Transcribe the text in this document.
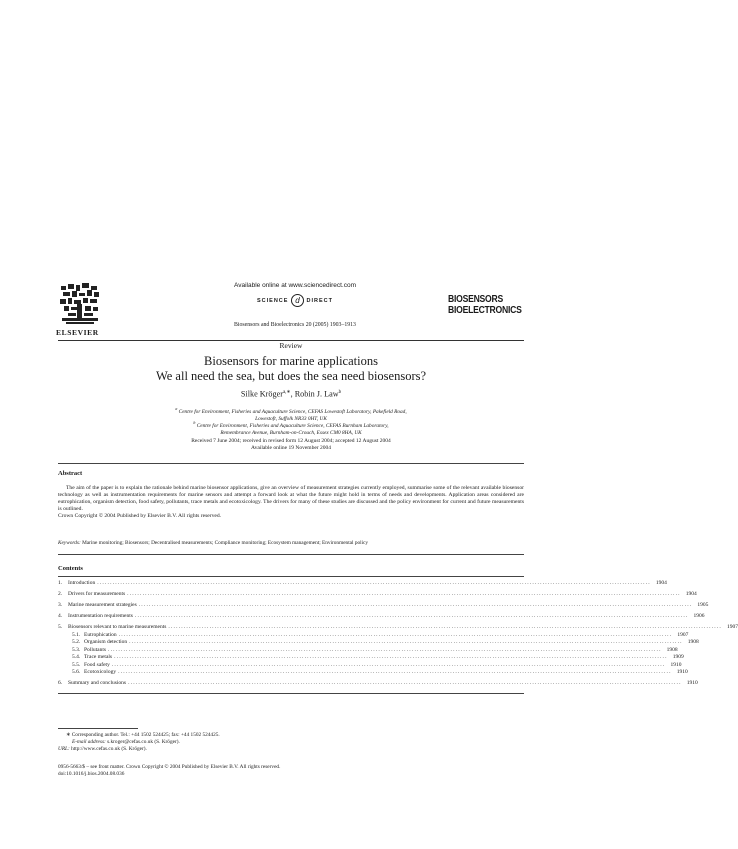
ELSEVIER
Available online at www.sciencedirect.com
SCIENCE d DIRECT
Biosensors and Bioelectronics 20 (2005) 1903–1913
BIOSENSORS
BIOELECTRONICS
Review
Biosensors for marine applications
We all need the sea, but does the sea need biosensors?
Silke Kröger$^{a,∗}$, Robin J. Law$^b$
$^a$ Centre for Environment, Fisheries and Aquaculture Science, CEFAS Lowestoft Laboratory, Pakefield Road,
Lowestoft, Suffolk NR33 0HT, UK
$^b$ Centre for Environment, Fisheries and Aquaculture Science, CEFAS Burnham Laboratory,
Remembrance Avenue, Burnham-on-Crouch, Essex CM0 8HA, UK
Received 7 June 2004; received in revised form 12 August 2004; accepted 12 August 2004
Available online 19 November 2004
Abstract
The aim of the paper is to explain the rationale behind marine biosensor applications, give an overview of measurement strategies currently employed, summarise some of the relevant available biosensor technology as well as instrumentation requirements for marine sensors and attempt a forward look at what the future might hold in terms of needs and developments. Application areas considered are eutrophication, organism detection, food safety, pollutants, trace metals and ecotoxicology. The drivers for many of these studies are discussed and the policy environment for current and future measurements is outlined.
Crown Copyright © 2004 Published by Elsevier B.V. All rights reserved.
Keywords: Marine monitoring; Biosensors; Decentralised measurements; Compliance monitoring; Ecosystem management; Environmental policy
Contents
1.	Introduction ....................................................................................................................................................................................................................... 1904
2.	Drivers for measurements ....................................................................................................................................................................................................................... 1904
3.	Marine measurement strategies ....................................................................................................................................................................................................................... 1905
4.	Instrumentation requirements ....................................................................................................................................................................................................................... 1906
5.	Biosensors relevant to marine measurements ....................................................................................................................................................................................................................... 1907
5.1. Eutrophication ....................................................................................................................................................................................................................... 1907
5.2. Organism detection ....................................................................................................................................................................................................................... 1908
5.3. Pollutants ....................................................................................................................................................................................................................... 1908
5.4. Trace metals ....................................................................................................................................................................................................................... 1909
5.5. Food safety ....................................................................................................................................................................................................................... 1910
5.6. Ecotoxicology ....................................................................................................................................................................................................................... 1910
6.	Summary and conclusions ....................................................................................................................................................................................................................... 1910
∗ Corresponding author. Tel.: +44 1502 524425; fax: +44 1502 524425.
E-mail address: s.kroger@cefas.co.uk (S. Kröger).
URL: http://www.cefas.co.uk (S. Kröger).
0956-5663/$ – see front matter. Crown Copyright © 2004 Published by Elsevier B.V. All rights reserved.
doi:10.1016/j.bios.2004.08.036
